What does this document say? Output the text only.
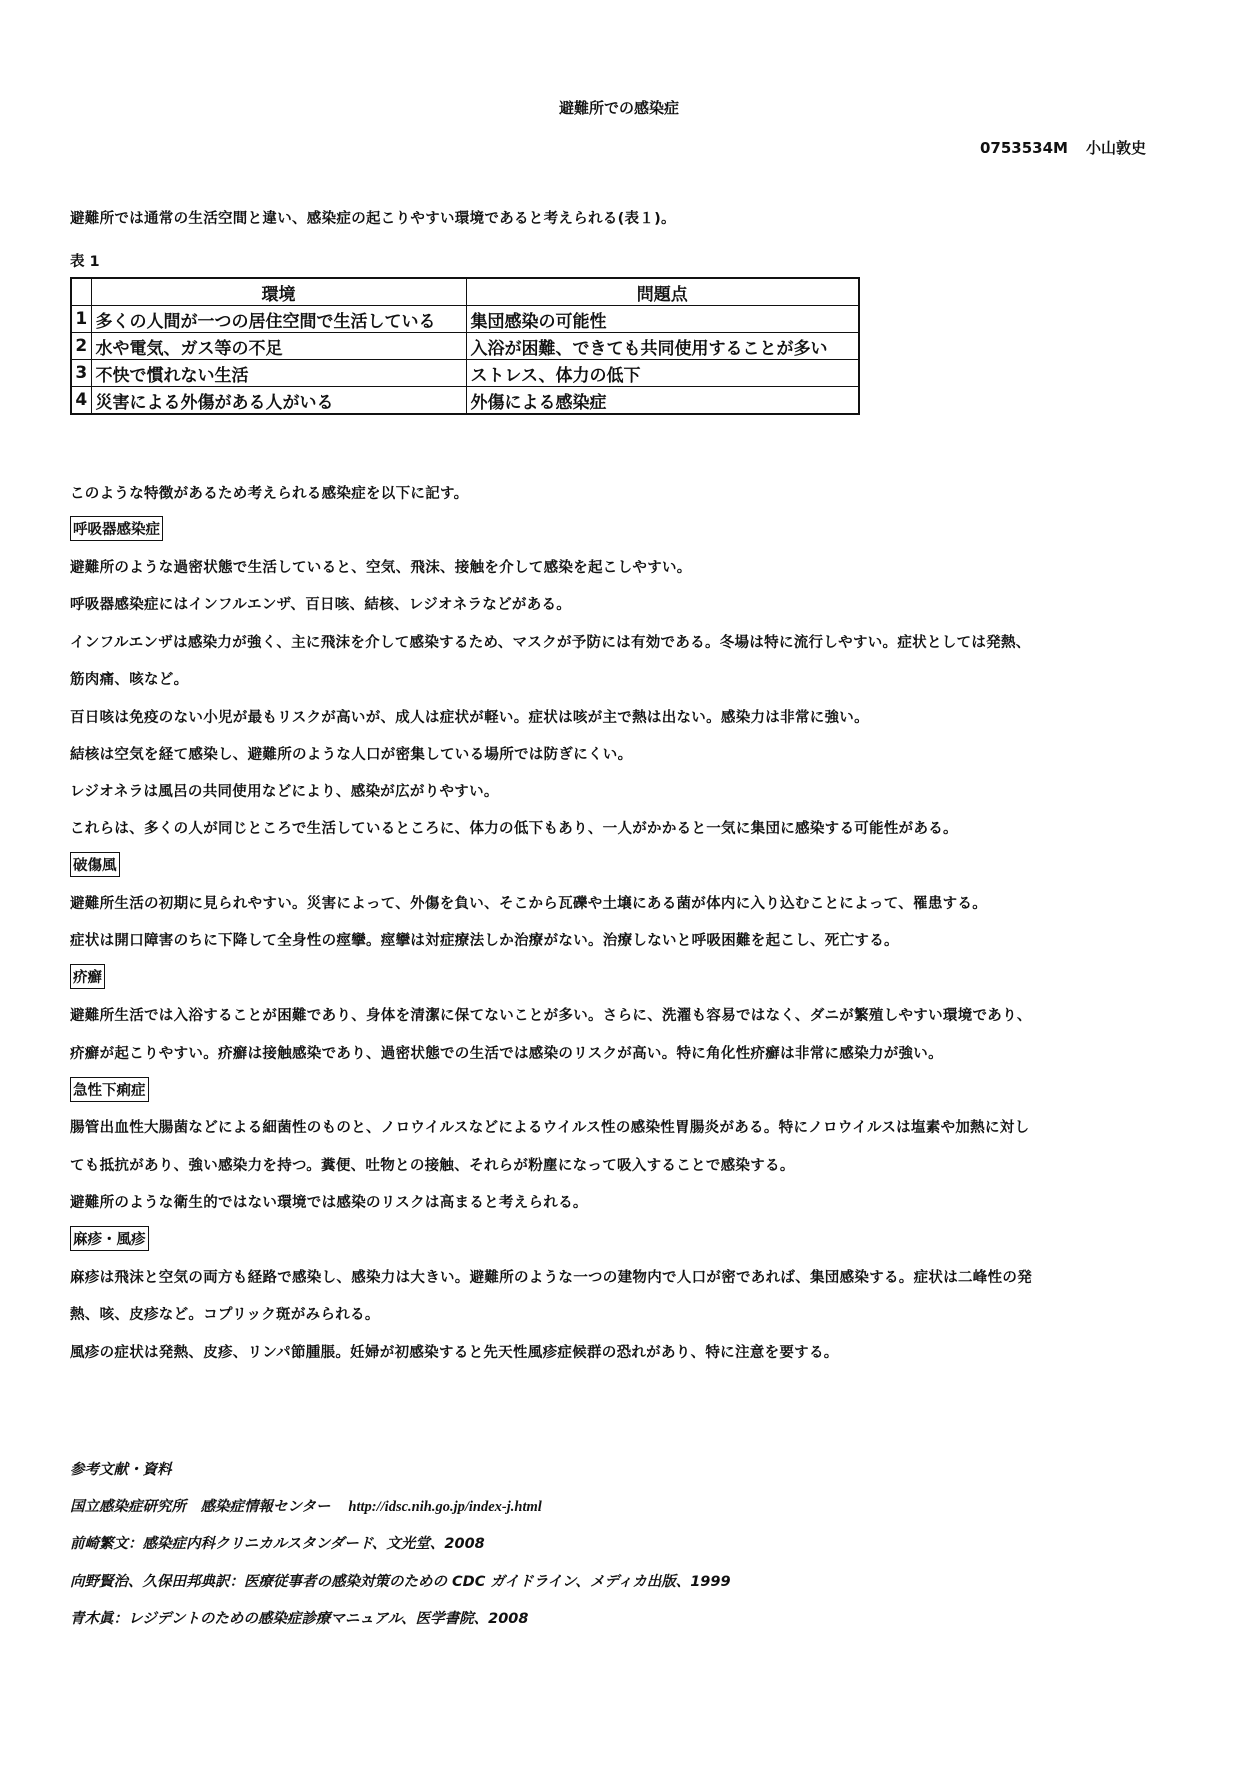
避難所での感染症
0753534M 小山敦史
避難所では通常の生活空間と違い、感染症の起こりやすい環境であると考えられる(表１)。
表 1
	環境	問題点
1	多くの人間が一つの居住空間で生活している	集団感染の可能性
2	水や電気、ガス等の不足	入浴が困難、できても共同使用することが多い
3	不快で慣れない生活	ストレス、体力の低下
4	災害による外傷がある人がいる	外傷による感染症
このような特徴があるため考えられる感染症を以下に記す。
呼吸器感染症
避難所のような過密状態で生活していると、空気、飛沫、接触を介して感染を起こしやすい。
呼吸器感染症にはインフルエンザ、百日咳、結核、レジオネラなどがある。
インフルエンザは感染力が強く、主に飛沫を介して感染するため、マスクが予防には有効である。冬場は特に流行しやすい。症状としては発熱、
筋肉痛、咳など。
百日咳は免疫のない小児が最もリスクが高いが、成人は症状が軽い。症状は咳が主で熱は出ない。感染力は非常に強い。
結核は空気を経て感染し、避難所のような人口が密集している場所では防ぎにくい。
レジオネラは風呂の共同使用などにより、感染が広がりやすい。
これらは、多くの人が同じところで生活しているところに、体力の低下もあり、一人がかかると一気に集団に感染する可能性がある。
破傷風
避難所生活の初期に見られやすい。災害によって、外傷を負い、そこから瓦礫や土壌にある菌が体内に入り込むことによって、罹患する。
症状は開口障害のちに下降して全身性の痙攣。痙攣は対症療法しか治療がない。治療しないと呼吸困難を起こし、死亡する。
疥癬
避難所生活では入浴することが困難であり、身体を清潔に保てないことが多い。さらに、洗濯も容易ではなく、ダニが繁殖しやすい環境であり、
疥癬が起こりやすい。疥癬は接触感染であり、過密状態での生活では感染のリスクが高い。特に角化性疥癬は非常に感染力が強い。
急性下痢症
腸管出血性大腸菌などによる細菌性のものと、ノロウイルスなどによるウイルス性の感染性胃腸炎がある。特にノロウイルスは塩素や加熱に対し
ても抵抗があり、強い感染力を持つ。糞便、吐物との接触、それらが粉塵になって吸入することで感染する。
避難所のような衛生的ではない環境では感染のリスクは高まると考えられる。
麻疹・風疹
麻疹は飛沫と空気の両方も経路で感染し、感染力は大きい。避難所のような一つの建物内で人口が密であれば、集団感染する。症状は二峰性の発
熱、咳、皮疹など。コプリック斑がみられる。
風疹の症状は発熱、皮疹、リンパ節腫脹。妊婦が初感染すると先天性風疹症候群の恐れがあり、特に注意を要する。
参考文献・資料
国立感染症研究所　感染症情報センター http://idsc.nih.go.jp/index-j.html
前崎繁文：感染症内科クリニカルスタンダード、文光堂、2008
向野賢治、久保田邦典訳：医療従事者の感染対策のための CDC ガイドライン、メディカ出版、1999
青木眞：レジデントのための感染症診療マニュアル、医学書院、2008
